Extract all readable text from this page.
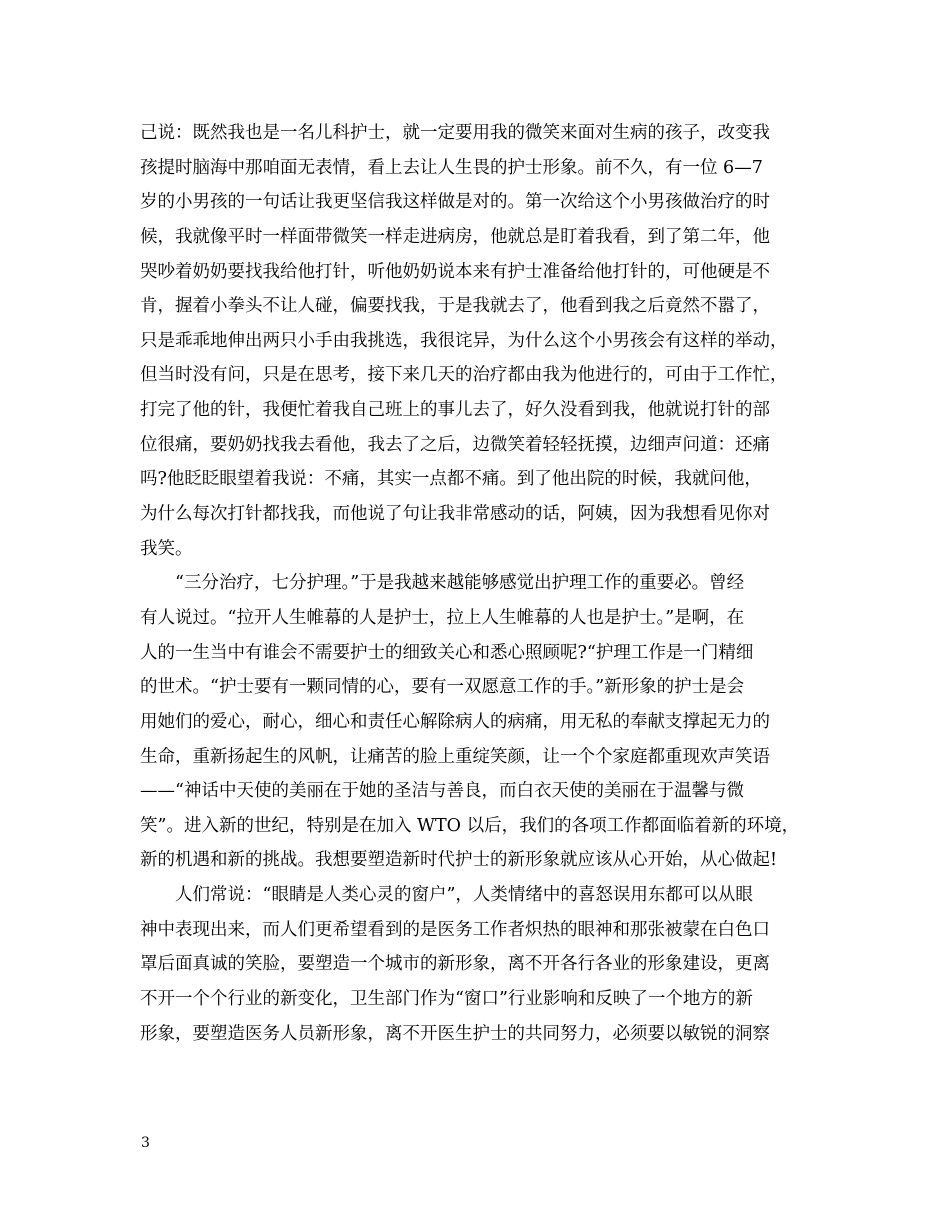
己说：既然我也是一名儿科护士，就一定要用我的微笑来面对生病的孩子，改变我
孩提时脑海中那咱面无表情，看上去让人生畏的护士形象。前不久，有一位 6—7
岁的小男孩的一句话让我更坚信我这样做是对的。第一次给这个小男孩做治疗的时
候，我就像平时一样面带微笑一样走进病房，他就总是盯着我看，到了第二年，他
哭吵着奶奶要找我给他打针，听他奶奶说本来有护士准备给他打针的，可他硬是不
肯，握着小拳头不让人碰，偏要找我，于是我就去了，他看到我之后竟然不嚣了，
只是乖乖地伸出两只小手由我挑选，我很诧异，为什么这个小男孩会有这样的举动，
但当时没有问，只是在思考，接下来几天的治疗都由我为他进行的，可由于工作忙，
打完了他的针，我便忙着我自己班上的事儿去了，好久没看到我，他就说打针的部
位很痛，要奶奶找我去看他，我去了之后，边微笑着轻轻抚摸，边细声问道：还痛
吗?他眨眨眼望着我说：不痛，其实一点都不痛。到了他出院的时候，我就问他，
为什么每次打针都找我，而他说了句让我非常感动的话，阿姨，因为我想看见你对
我笑。
“三分治疗，七分护理。”于是我越来越能够感觉出护理工作的重要必。曾经
有人说过。“拉开人生帷幕的人是护士，拉上人生帷幕的人也是护士。”是啊，在
人的一生当中有谁会不需要护士的细致关心和悉心照顾呢?“护理工作是一门精细
的世术。“护士要有一颗同情的心，要有一双愿意工作的手。”新形象的护士是会
用她们的爱心，耐心，细心和责任心解除病人的病痛，用无私的奉献支撑起无力的
生命，重新扬起生的风帆，让痛苦的脸上重绽笑颜，让一个个家庭都重现欢声笑语
——“神话中天使的美丽在于她的圣洁与善良，而白衣天使的美丽在于温馨与微
笑”。进入新的世纪，特别是在加入 WTO 以后，我们的各项工作都面临着新的环境，
新的机遇和新的挑战。我想要塑造新时代护士的新形象就应该从心开始，从心做起!
人们常说：“眼睛是人类心灵的窗户”，人类情绪中的喜怒误用东都可以从眼
神中表现出来，而人们更希望看到的是医务工作者炽热的眼神和那张被蒙在白色口
罩后面真诚的笑脸，要塑造一个城市的新形象，离不开各行各业的形象建设，更离
不开一个个行业的新变化，卫生部门作为“窗口”行业影响和反映了一个地方的新
形象，要塑造医务人员新形象，离不开医生护士的共同努力，必须要以敏锐的洞察
3
